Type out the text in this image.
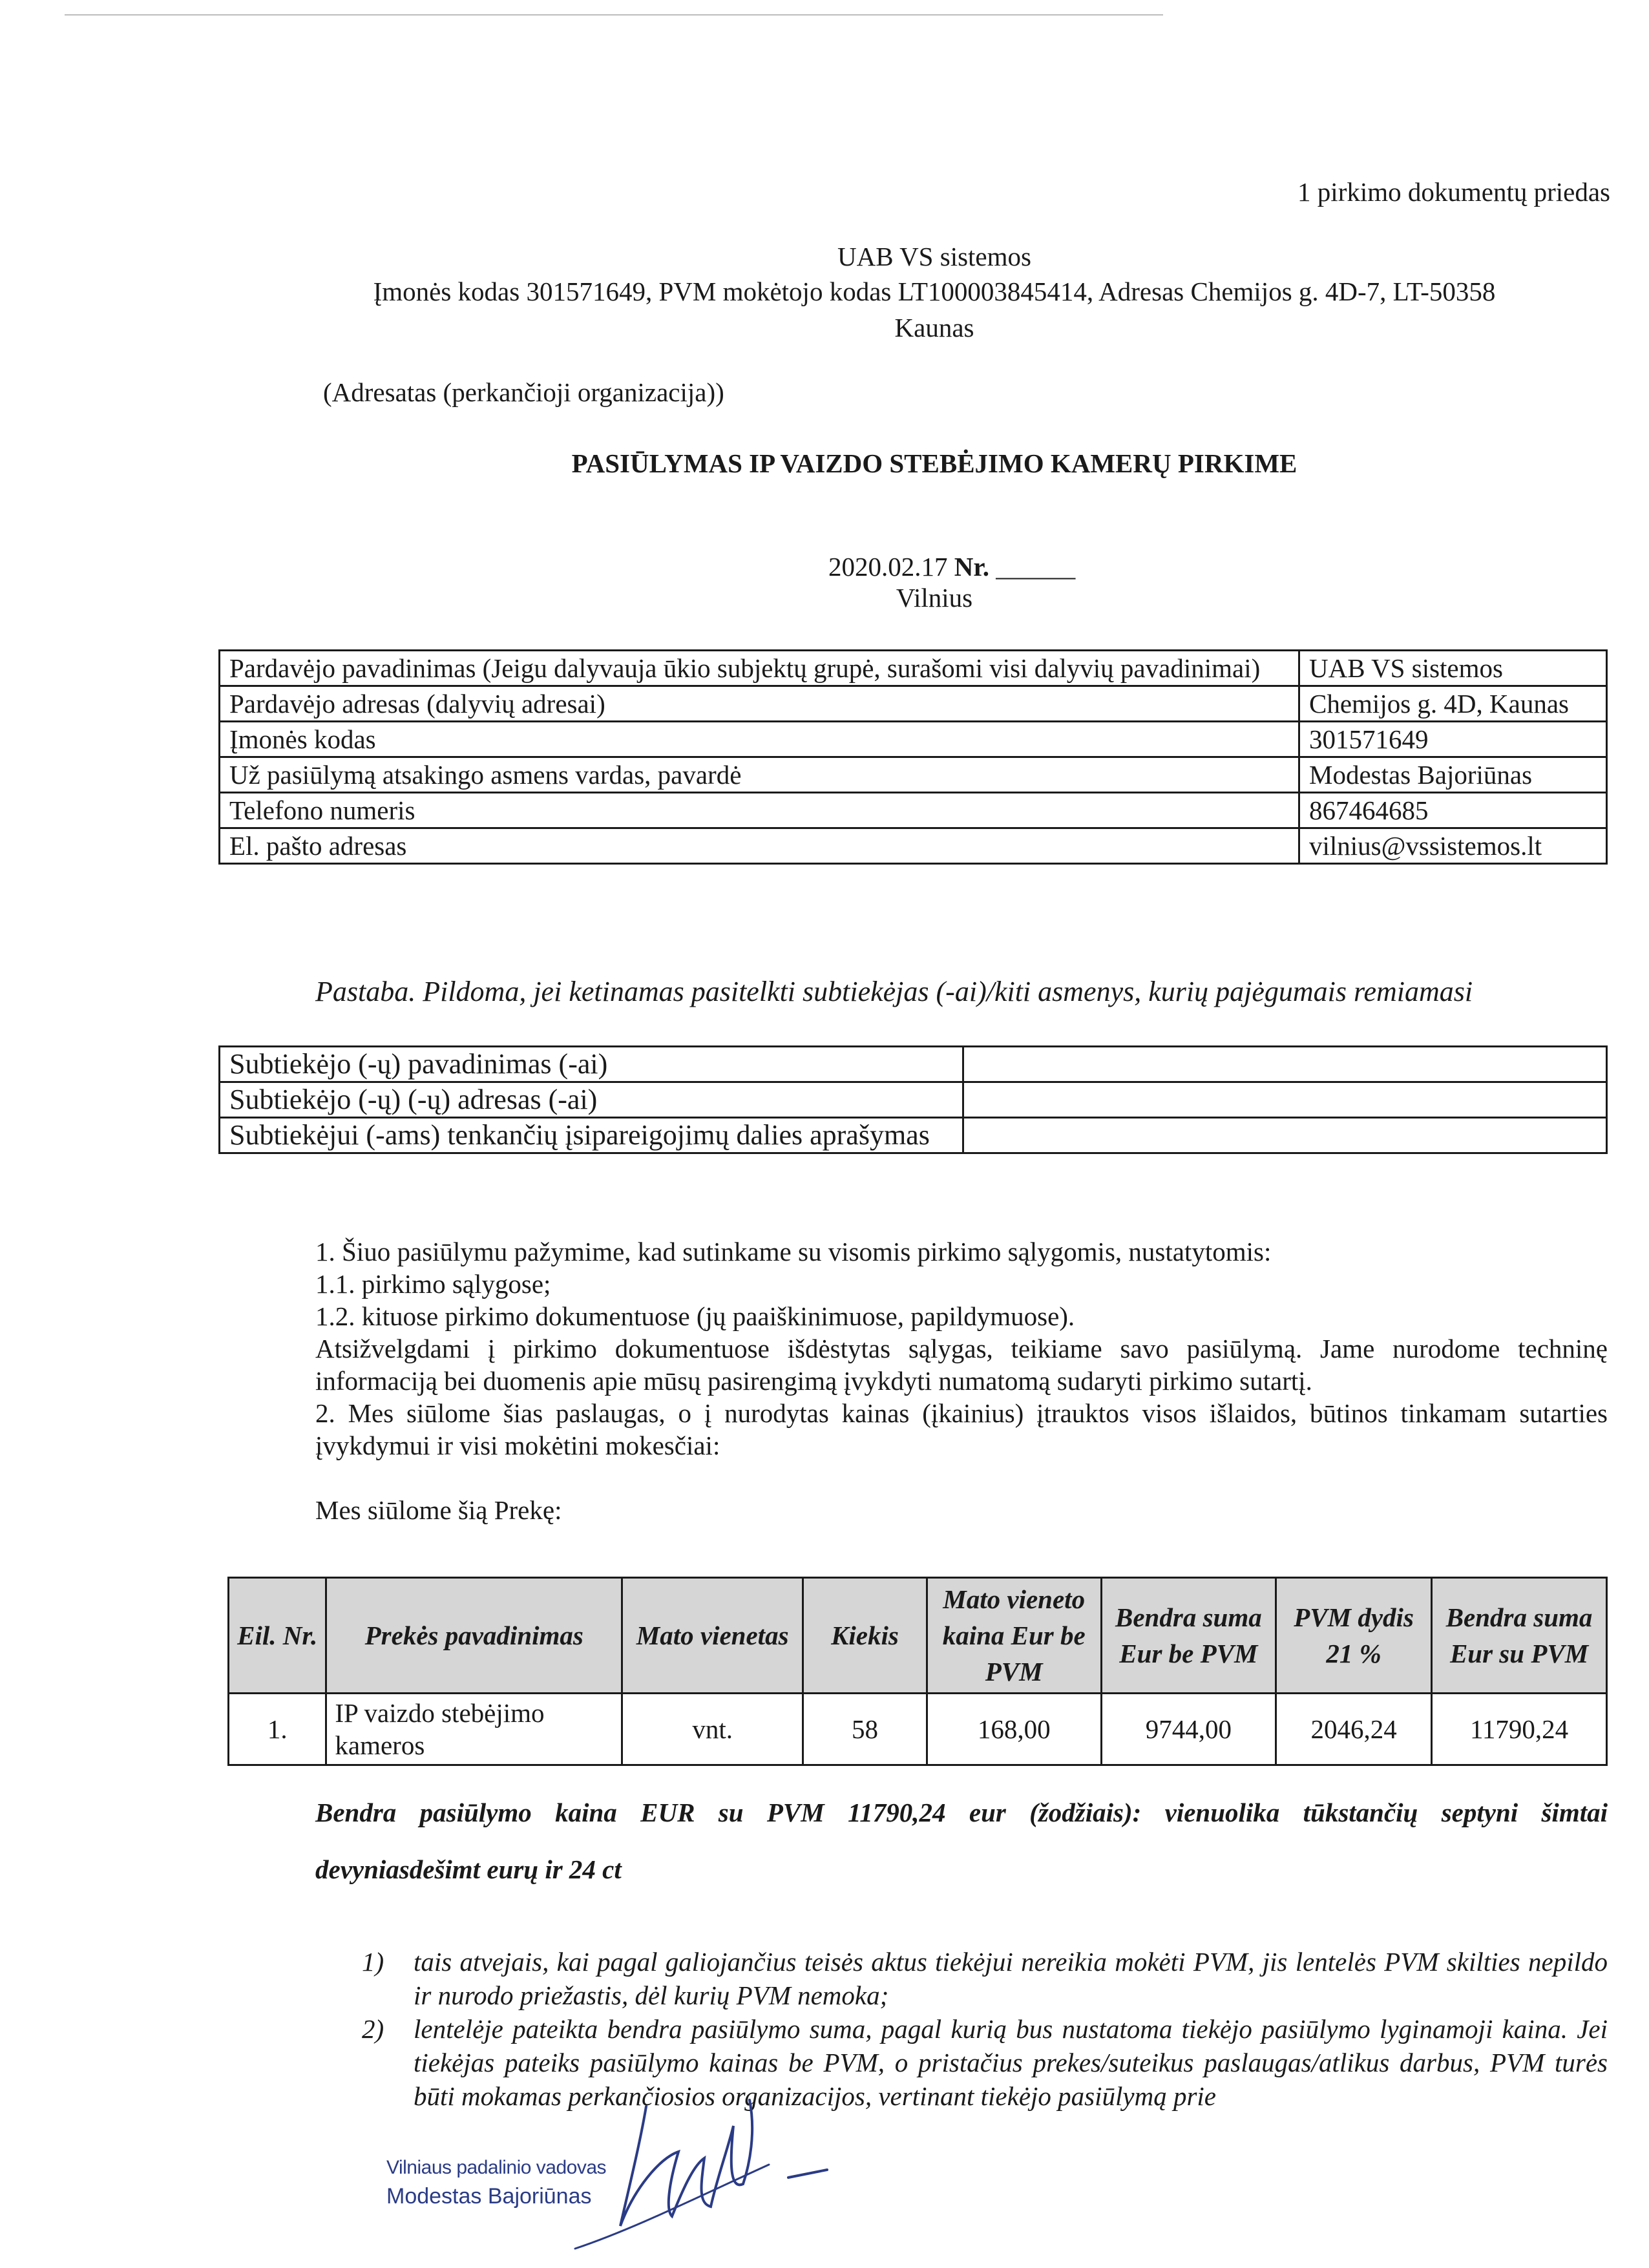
1 pirkimo dokumentų priedas
UAB VS sistemos
Įmonės kodas 301571649, PVM mokėtojo kodas LT100003845414, Adresas Chemijos g. 4D-7, LT-50358
Kaunas
(Adresatas (perkančioji organizacija))
PASIŪLYMAS IP VAIZDO STEBĖJIMO KAMERŲ PIRKIME
2020.02.17 Nr. ______
Vilnius
Pardavėjo pavadinimas (Jeigu dalyvauja ūkio subjektų grupė, surašomi visi dalyvių pavadinimai)	UAB VS sistemos
Pardavėjo adresas (dalyvių adresai)	Chemijos g. 4D, Kaunas
Įmonės kodas	301571649
Už pasiūlymą atsakingo asmens vardas, pavardė	Modestas Bajoriūnas
Telefono numeris	867464685
El. pašto adresas	vilnius@vssistemos.lt
Pastaba. Pildoma, jei ketinamas pasitelkti subtiekėjas (-ai)/kiti asmenys, kurių pajėgumais remiamasi
Subtiekėjo (-ų) pavadinimas (-ai)	
Subtiekėjo (-ų) (-ų) adresas (-ai)	
Subtiekėjui (-ams) tenkančių įsipareigojimų dalies aprašymas	

1. Šiuo pasiūlymu pažymime, kad sutinkame su visomis pirkimo sąlygomis, nustatytomis:

1.1. pirkimo sąlygose;

1.2. kituose pirkimo dokumentuose (jų paaiškinimuose, papildymuose).

Atsižvelgdami į pirkimo dokumentuose išdėstytas sąlygas, teikiame savo pasiūlymą. Jame nurodome techninę informaciją bei duomenis apie mūsų pasirengimą įvykdyti numatomą sudaryti pirkimo sutartį.

2. Mes siūlome šias paslaugas, o į nurodytas kainas (įkainius) įtrauktos visos išlaidos, būtinos tinkamam sutarties įvykdymui ir visi mokėtini mokesčiai:

Mes siūlome šią Prekę:

Eil. Nr.	Prekės pavadinimas	Mato vienetas	Kiekis	Mato vieneto kaina Eur be PVM	Bendra suma Eur be PVM	PVM dydis 21 %	Bendra suma Eur su PVM
1.	IP vaizdo stebėjimo kameros	vnt.	58	168,00	9744,00	2046,24	11790,24
Bendra pasiūlymo kaina EUR su PVM 11790,24 eur (žodžiais): vienuolika tūkstančių septyni šimtai
devyniasdešimt eurų ir 24 ct
1) tais atvejais, kai pagal galiojančius teisės aktus tiekėjui nereikia mokėti PVM, jis lentelės PVM skilties nepildo ir nurodo priežastis, dėl kurių PVM nemoka;
2) lentelėje pateikta bendra pasiūlymo suma, pagal kurią bus nustatoma tiekėjo pasiūlymo lyginamoji kaina. Jei tiekėjas pateiks pasiūlymo kainas be PVM, o pristačius prekes/suteikus paslaugas/atlikus darbus, PVM turės būti mokamas perkančiosios organizacijos, vertinant tiekėjo pasiūlymą prie
Vilniaus padalinio vadovas
Modestas Bajoriūnas
